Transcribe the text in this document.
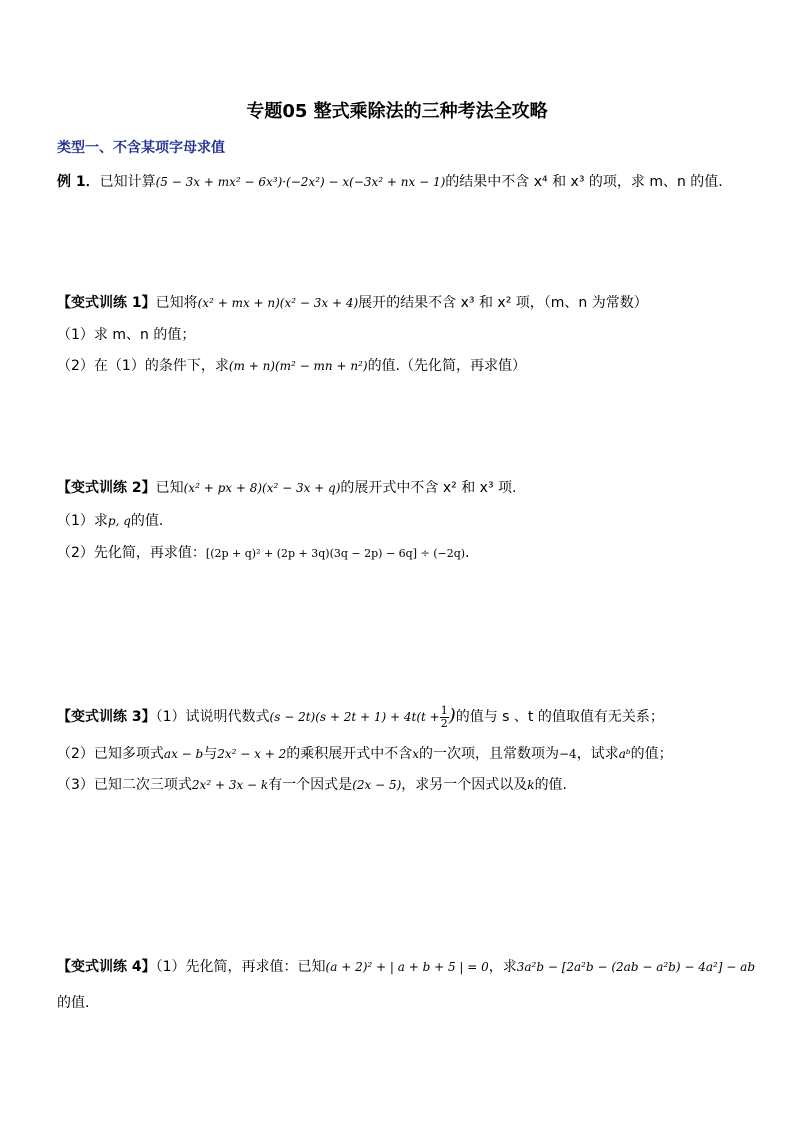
专题05 整式乘除法的三种考法全攻略
类型一、不含某项字母求值
例 1．已知计算(5 − 3x + mx² − 6x³)·(−2x²) − x(−3x² + nx − 1)的结果中不含 x⁴ 和 x³ 的项，求 m、n 的值.
【变式训练 1】已知将(x² + mx + n)(x² − 3x + 4)展开的结果不含 x³ 和 x² 项，（m、n 为常数）
（1）求 m、n 的值；
（2）在（1）的条件下，求(m + n)(m² − mn + n²)的值.（先化简，再求值）
【变式训练 2】已知(x² + px + 8)(x² − 3x + q)的展开式中不含 x² 和 x³ 项.
（1）求p, q的值.
（2）先化简，再求值：[(2p + q)² + (2p + 3q)(3q − 2p) − 6q] ÷ (−2q).
【变式训练 3】（1）试说明代数式$(s - 2t)(s + 2t + 1) + 4t(t + \frac{1}{2}$ )的值与 s 、t 的值取值有无关系；
（2）已知多项式ax − b与2x² − x + 2的乘积展开式中不含x的一次项，且常数项为−4，试求aᵇ的值；
（3）已知二次三项式2x² + 3x − k有一个因式是(2x − 5)，求另一个因式以及k的值.
【变式训练 4】（1）先化简，再求值：已知(a + 2)² + | a + b + 5 | = 0，求3a²b − [2a²b − (2ab − a²b) − 4a²] − ab
的值.
